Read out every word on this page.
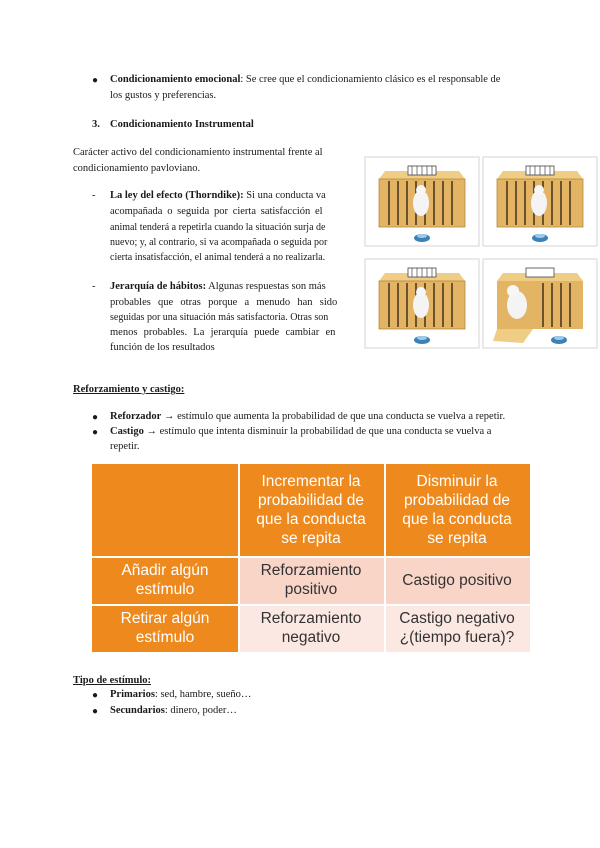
● Condicionamiento emocional: Se cree que el condicionamiento clásico es el responsable de
los gustos y preferencias.
3. Condicionamiento Instrumental
Carácter activo del condicionamiento instrumental frente al
condicionamiento pavloviano.
- La ley del efecto (Thorndike): Si una conducta va
acompañada o seguida por cierta satisfacción el
animal tenderá a repetirla cuando la situación surja de
nuevo; y, al contrario, si va acompañada o seguida por
cierta insatisfacción, el animal tenderá a no realizarla.
- Jerarquía de hábitos: Algunas respuestas son más
probables que otras porque a menudo han sido
seguidas por una situación más satisfactoria. Otras son
menos probables. La jerarquía puede cambiar en
función de los resultados
Reforzamiento y castigo:
● Reforzador → estímulo que aumenta la probabilidad de que una conducta se vuelva a repetir.
● Castigo → estímulo que intenta disminuir la probabilidad de que una conducta se vuelva a
repetir.
Incrementar la probabilidad de que la conducta se repita
Disminuir la probabilidad de que la conducta se repita
Añadir algún estímulo
Reforzamiento positivo
Castigo positivo
Retirar algún estímulo
Reforzamiento negativo
Castigo negativo
¿(tiempo fuera)?
Tipo de estímulo:
● Primarios: sed, hambre, sueño…
● Secundarios: dinero, poder…
